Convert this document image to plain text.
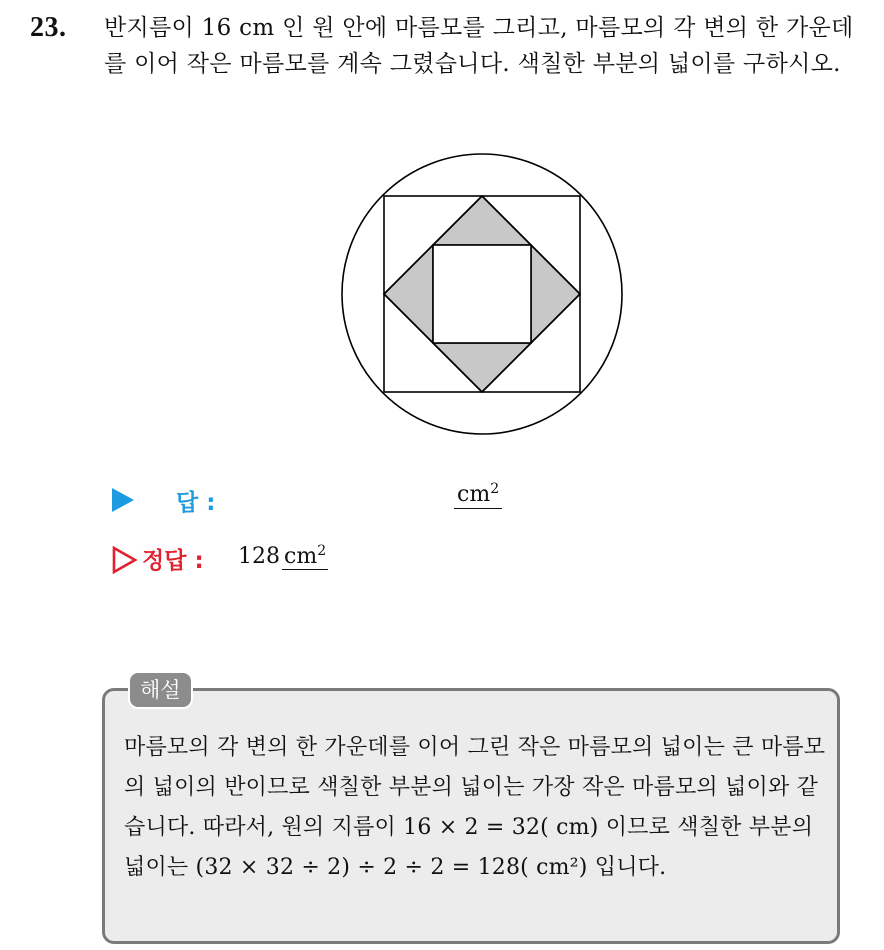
23. 반지름이 16 cm 인 원 안에 마름모를 그리고, 마름모의 각 변의 한 가운데를 이어 작은 마름모를 계속 그렸습니다. 색칠한 부분의 넓이를 구하시오.
답 :	$cm^2$
정답 : 128 $cm^2$
해설
마름모의 각 변의 한 가운데를 이어 그린 작은 마름모의 넓이는 큰 마름모의 넓이의 반이므로 색칠한 부분의 넓이는 가장 작은 마름모의 넓이와 같습니다. 따라서, 원의 지름이 16 × 2 = 32( cm) 이므로 색칠한 부분의 넓이는 (32 × 32 ÷ 2) ÷ 2 ÷ 2 = 128( cm²) 입니다.
